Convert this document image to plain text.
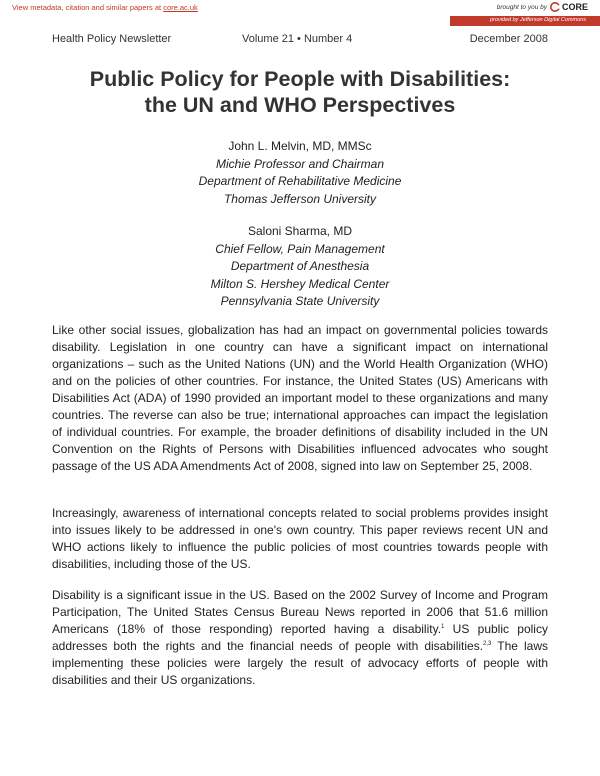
View metadata, citation and similar papers at core.ac.uk	brought to you by CORE
provided by Jefferson Digital Commons
Health Policy Newsletter	Volume 21 • Number 4	December 2008
Public Policy for People with Disabilities:
the UN and WHO Perspectives
John L. Melvin, MD, MMSc
Michie Professor and Chairman
Department of Rehabilitative Medicine
Thomas Jefferson University
Saloni Sharma, MD
Chief Fellow, Pain Management
Department of Anesthesia
Milton S. Hershey Medical Center
Pennsylvania State University

Like other social issues, globalization has had an impact on governmental policies towards disability. Legislation in one country can have a significant impact on international organizations – such as the United Nations (UN) and the World Health Organization (WHO) and on the policies of other countries. For instance, the United States (US) Americans with Disabilities Act (ADA) of 1990 provided an important model to these organizations and many countries. The reverse can also be true; international approaches can impact the legislation of individual countries. For example, the broader definitions of disability included in the UN Convention on the Rights of Persons with Disabilities influenced advocates who sought passage of the US ADA Amendments Act of 2008, signed into law on September 25, 2008.

Increasingly, awareness of international concepts related to social problems provides insight into issues likely to be addressed in one's own country. This paper reviews recent UN and WHO actions likely to influence the public policies of most countries towards people with disabilities, including those of the US.

Disability is a significant issue in the US. Based on the 2002 Survey of Income and Program Participation, The United States Census Bureau News reported in 2006 that 51.6 million Americans (18% of those responding) reported having a disability.$^1$ US public policy addresses both the rights and the financial needs of people with disabilities.$^{2,3}$ The laws implementing these policies were largely the result of advocacy efforts of people with disabilities and their US organizations.
